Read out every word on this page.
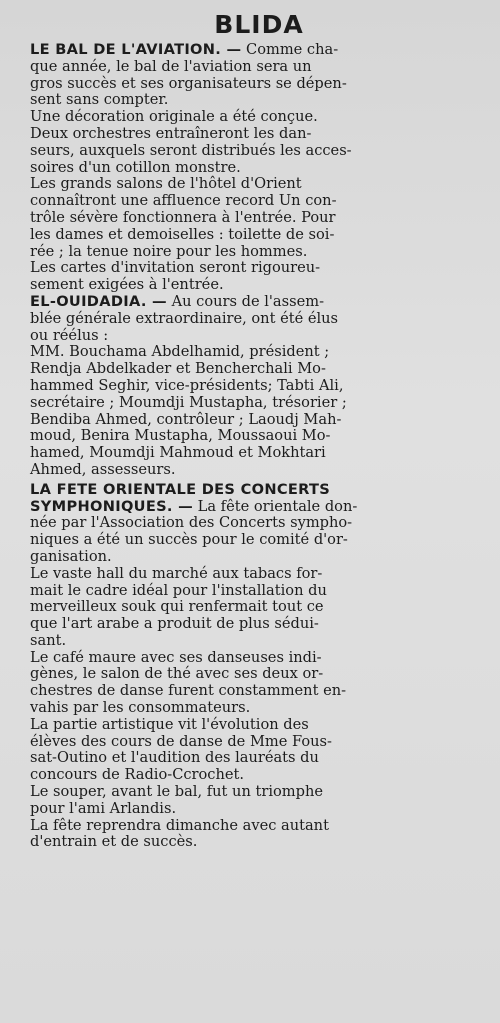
BLIDA

LE BAL DE L'AVIATION. — Comme cha-
que année, le bal de l'aviation sera un
gros succès et ses organisateurs se dépen-
sent sans compter.

Une décoration originale a été conçue.
Deux orchestres entraîneront les dan-
seurs, auxquels seront distribués les acces-
soires d'un cotillon monstre.

Les grands salons de l'hôtel d'Orient
connaîtront une affluence record Un con-
trôle sévère fonctionnera à l'entrée. Pour
les dames et demoiselles : toilette de soi-
rée ; la tenue noire pour les hommes.

Les cartes d'invitation seront rigoureu-
sement exigées à l'entrée.

EL-OUIDADIA. — Au cours de l'assem-
blée générale extraordinaire, ont été élus
ou réélus :

MM. Bouchama Abdelhamid, président ;
Rendja Abdelkader et Bencherchali Mo-
hammed Seghir, vice-présidents; Tabti Ali,
secrétaire ; Moumdji Mustapha, trésorier ;
Bendiba Ahmed, contrôleur ; Laoudj Mah-
moud, Benira Mustapha, Moussaoui Mo-
hamed, Moumdji Mahmoud et Mokhtari
Ahmed, assesseurs.

LA FETE ORIENTALE DES CONCERTS
SYMPHONIQUES. — La fête orientale don-
née par l'Association des Concerts sympho-
niques a été un succès pour le comité d'or-
ganisation.

Le vaste hall du marché aux tabacs for-
mait le cadre idéal pour l'installation du
merveilleux souk qui renfermait tout ce
que l'art arabe a produit de plus sédui-
sant.

Le café maure avec ses danseuses indi-
gènes, le salon de thé avec ses deux or-
chestres de danse furent constamment en-
vahis par les consommateurs.

La partie artistique vit l'évolution des
élèves des cours de danse de Mme Fous-
sat-Outino et l'audition des lauréats du
concours de Radio-Ccrochet.

Le souper, avant le bal, fut un triomphe
pour l'ami Arlandis.

La fête reprendra dimanche avec autant
d'entrain et de succès.
